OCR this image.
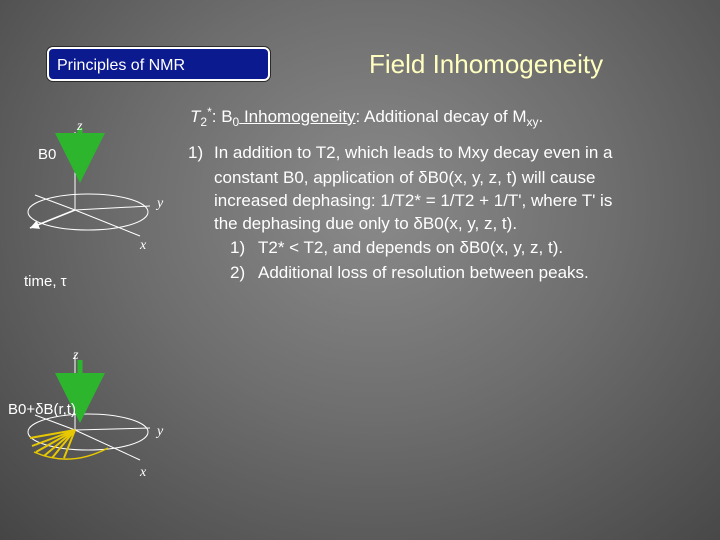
Principles of NMR	Field Inhomogeneity
$T_2^*$: $B_0$ Inhomogeneity: Additional decay of $M_{xy}$.
1) In addition to T2, which leads to Mxy decay even in a
constant B0, application of δB0(x, y, z, t) will cause
increased dephasing: 1/T2* = 1/T2 + 1/T', where T' is
the dephasing due only to δB0(x, y, z, t).
1) T2* < T2, and depends on δB0(x, y, z, t).
2) Additional loss of resolution between peaks.
B0
z
y
x
time, τ
z
B0+δB(r,t)
y
x
